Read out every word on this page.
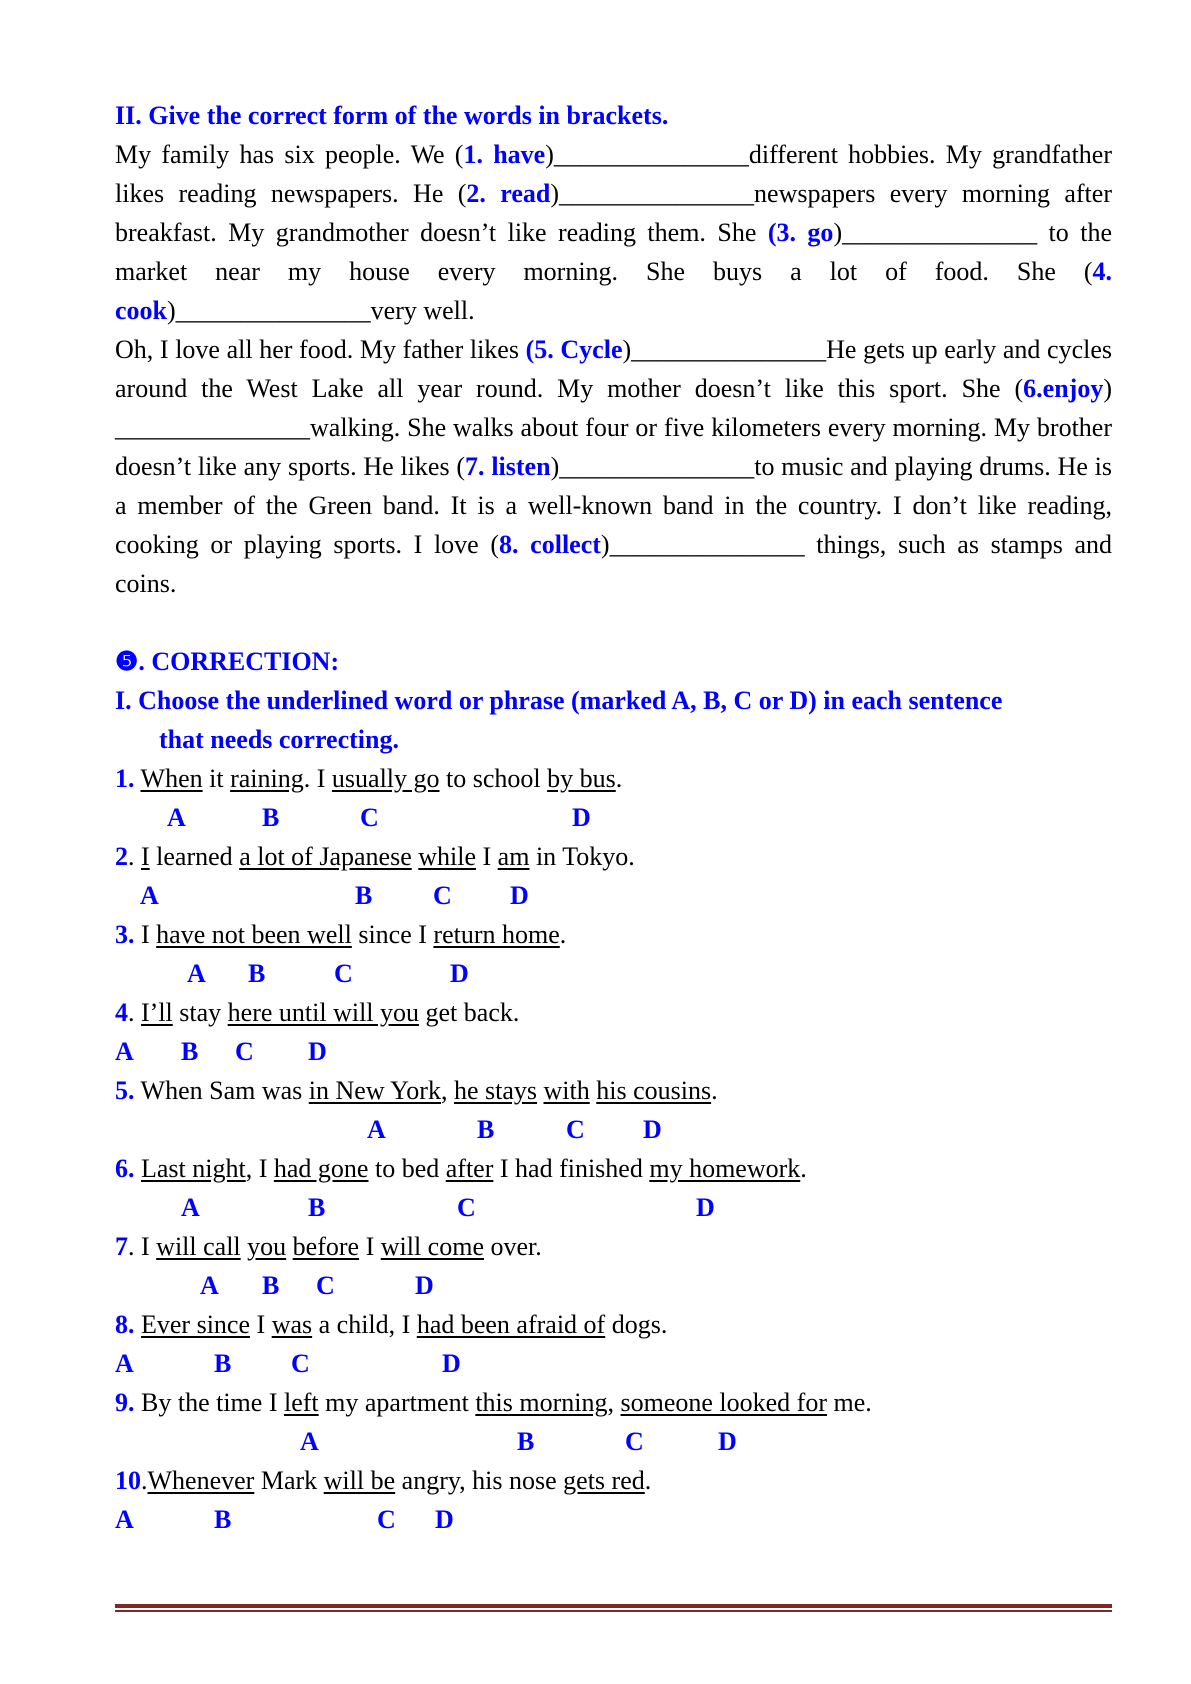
II. Give the correct form of the words in brackets.

My family has six people. We (1. have)_______________different hobbies. My grandfather likes reading newspapers. He (2. read)_______________newspapers every morning after breakfast. My grandmother doesn’t like reading them. She (3. go)_______________ to the market near my house every morning. She buys a lot of food. She (4. cook)_______________very well.

Oh, I love all her food. My father likes (5. Cycle)_______________He gets up early and cycles around the West Lake all year round. My mother doesn’t like this sport. She (6.enjoy) _______________walking. She walks about four or five kilometers every morning. My brother doesn’t like any sports. He likes (7. listen)_______________to music and playing drums. He is a member of the Green band. It is a well-known band in the country. I don’t like reading, cooking or playing sports. I love (8. collect)_______________ things, such as stamps and coins.

❺. CORRECTION:

I. Choose the underlined word or phrase (marked A, B, C or D) in each sentence
that needs correcting.

1. When it raining. I usually go to school by bus.
A	B	C	D
2. I learned a lot of Japanese while I am in Tokyo.
A	B C D
3. I have not been well since I return home.
A B	C	D
4. I’ll stay here until will you get back.
A B C D
5. When Sam was in New York, he stays with his cousins.
A	B	C D
6. Last night, I had gone to bed after I had finished my homework.
A	B	C	D
7. I will call you before I will come over.
A B C	D
8. Ever since I was a child, I had been afraid of dogs.
A	B C	D
9. By the time I left my apartment this morning, someone looked for me.
A	B	C	D
10.Whenever Mark will be angry, his nose gets red.
A	B	C D
